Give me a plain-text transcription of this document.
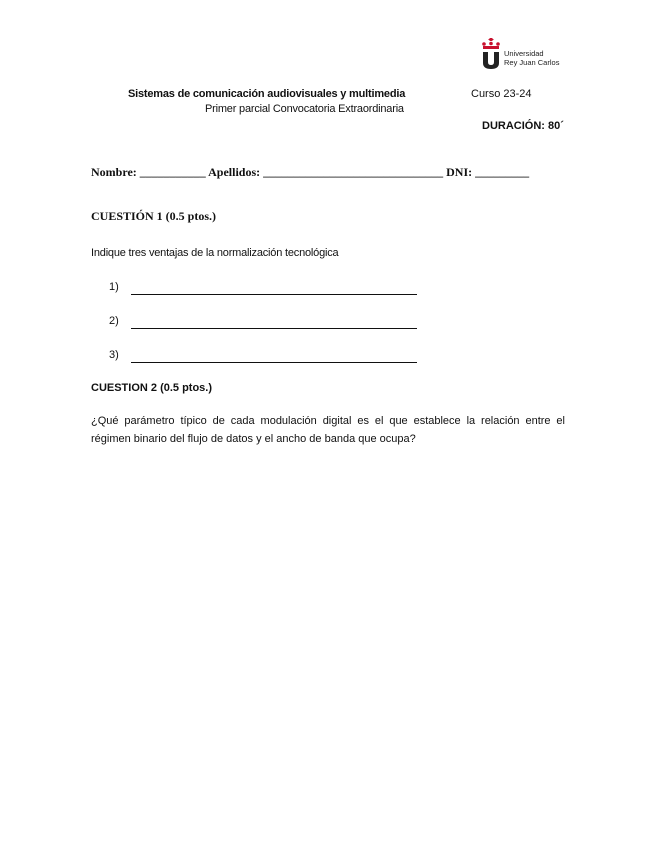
Universidad
Rey Juan Carlos
Sistemas de comunicación audiovisuales y multimedia	Curso 23-24
Primer parcial Convocatoria Extraordinaria
DURACIÓN: 80´
Nombre: ___________ Apellidos: ______________________________ DNI: _________
CUESTIÓN 1 (0.5 ptos.)
Indique tres ventajas de la normalización tecnológica
1)
2)
3)
CUESTION 2 (0.5 ptos.)
¿Qué parámetro típico de cada modulación digital es el que establece la relación entre el régimen binario del flujo de datos y el ancho de banda que ocupa?
